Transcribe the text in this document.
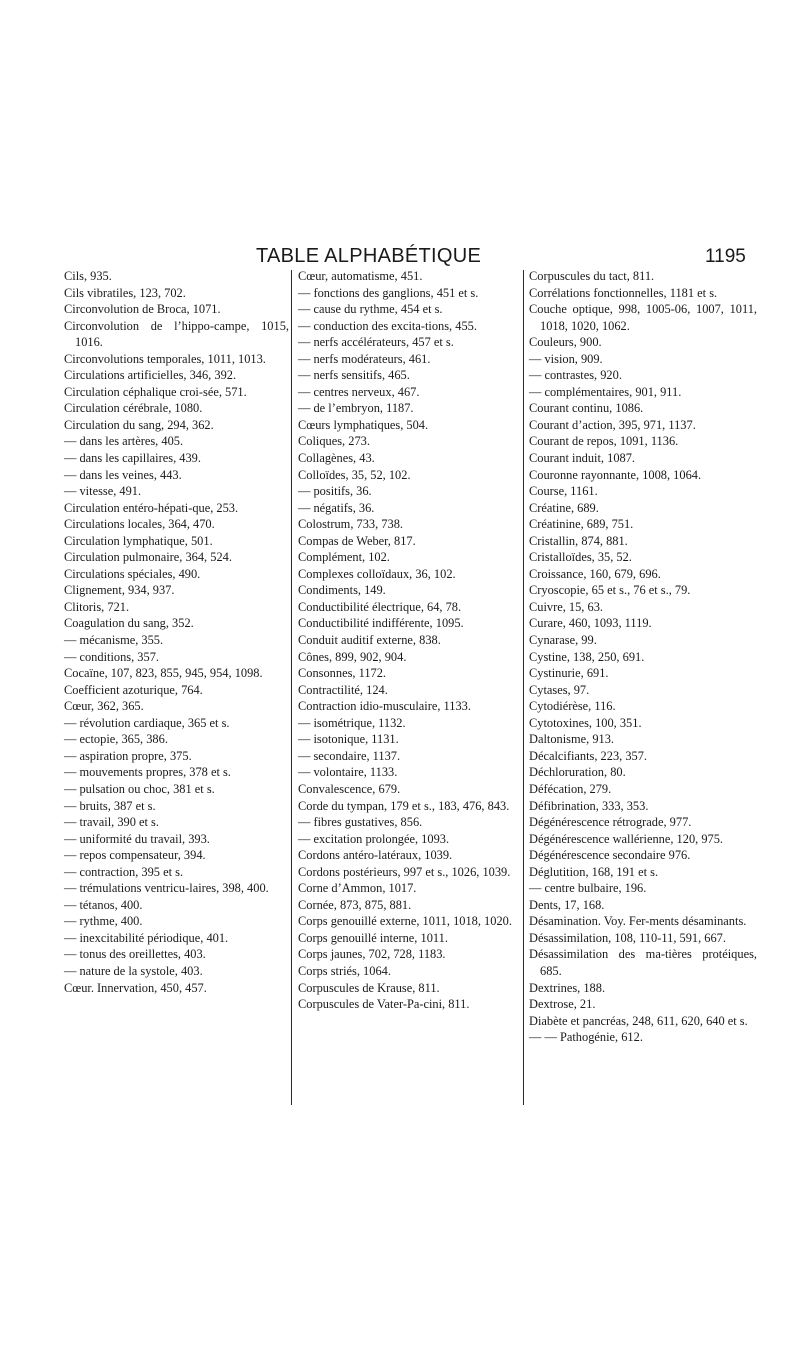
TABLE ALPHABÉTIQUE	1195

Cils, 935.

Cils vibratiles, 123, 702.

Circonvolution de Broca, 1071.

Circonvolution de l’hippo-campe, 1015, 1016.

Circonvolutions temporales, 1011, 1013.

Circulations artificielles, 346, 392.

Circulation céphalique croi-sée, 571.

Circulation cérébrale, 1080.

Circulation du sang, 294, 362.

— dans les artères, 405.

— dans les capillaires, 439.

— dans les veines, 443.

— vitesse, 491.

Circulation entéro-hépati-que, 253.

Circulations locales, 364, 470.

Circulation lymphatique, 501.

Circulation pulmonaire, 364, 524.

Circulations spéciales, 490.

Clignement, 934, 937.

Clitoris, 721.

Coagulation du sang, 352.

— mécanisme, 355.

— conditions, 357.

Cocaïne, 107, 823, 855, 945, 954, 1098.

Coefficient azoturique, 764.

Cœur, 362, 365.

— révolution cardiaque, 365 et s.

— ectopie, 365, 386.

— aspiration propre, 375.

— mouvements propres, 378 et s.

— pulsation ou choc, 381 et s.

— bruits, 387 et s.

— travail, 390 et s.

— uniformité du travail, 393.

— repos compensateur, 394.

— contraction, 395 et s.

— trémulations ventricu-laires, 398, 400.

— tétanos, 400.

— rythme, 400.

— inexcitabilité périodique, 401.

— tonus des oreillettes, 403.

— nature de la systole, 403.

Cœur. Innervation, 450, 457.

Cœur, automatisme, 451.

— fonctions des ganglions, 451 et s.

— cause du rythme, 454 et s.

— conduction des excita-tions, 455.

— nerfs accélérateurs, 457 et s.

— nerfs modérateurs, 461.

— nerfs sensitifs, 465.

— centres nerveux, 467.

— de l’embryon, 1187.

Cœurs lymphatiques, 504.

Coliques, 273.

Collagènes, 43.

Colloïdes, 35, 52, 102.

— positifs, 36.

— négatifs, 36.

Colostrum, 733, 738.

Compas de Weber, 817.

Complément, 102.

Complexes colloïdaux, 36, 102.

Condiments, 149.

Conductibilité électrique, 64, 78.

Conductibilité indifférente, 1095.

Conduit auditif externe, 838.

Cônes, 899, 902, 904.

Consonnes, 1172.

Contractilité, 124.

Contraction idio-musculaire, 1133.

— isométrique, 1132.

— isotonique, 1131.

— secondaire, 1137.

— volontaire, 1133.

Convalescence, 679.

Corde du tympan, 179 et s., 183, 476, 843.

— fibres gustatives, 856.

— excitation prolongée, 1093.

Cordons antéro-latéraux, 1039.

Cordons postérieurs, 997 et s., 1026, 1039.

Corne d’Ammon, 1017.

Cornée, 873, 875, 881.

Corps genouillé externe, 1011, 1018, 1020.

Corps genouillé interne, 1011.

Corps jaunes, 702, 728, 1183.

Corps striés, 1064.

Corpuscules de Krause, 811.

Corpuscules de Vater-Pa-cini, 811.

Corpuscules du tact, 811.

Corrélations fonctionnelles, 1181 et s.

Couche optique, 998, 1005-06, 1007, 1011, 1018, 1020, 1062.

Couleurs, 900.

— vision, 909.

— contrastes, 920.

— complémentaires, 901, 911.

Courant continu, 1086.

Courant d’action, 395, 971, 1137.

Courant de repos, 1091, 1136.

Courant induit, 1087.

Couronne rayonnante, 1008, 1064.

Course, 1161.

Créatine, 689.

Créatinine, 689, 751.

Cristallin, 874, 881.

Cristalloïdes, 35, 52.

Croissance, 160, 679, 696.

Cryoscopie, 65 et s., 76 et s., 79.

Cuivre, 15, 63.

Curare, 460, 1093, 1119.

Cynarase, 99.

Cystine, 138, 250, 691.

Cystinurie, 691.

Cytases, 97.

Cytodiérèse, 116.

Cytotoxines, 100, 351.

Daltonisme, 913.

Décalcifiants, 223, 357.

Déchloruration, 80.

Défécation, 279.

Défibrination, 333, 353.

Dégénérescence rétrograde, 977.

Dégénérescence wallérienne, 120, 975.

Dégénérescence secondaire 976.

Déglutition, 168, 191 et s.

— centre bulbaire, 196.

Dents, 17, 168.

Désamination. Voy. Fer-ments désaminants.

Désassimilation, 108, 110-11, 591, 667.

Désassimilation des ma-tières protéiques, 685.

Dextrines, 188.

Dextrose, 21.

Diabète et pancréas, 248, 611, 620, 640 et s.

— — Pathogénie, 612.
